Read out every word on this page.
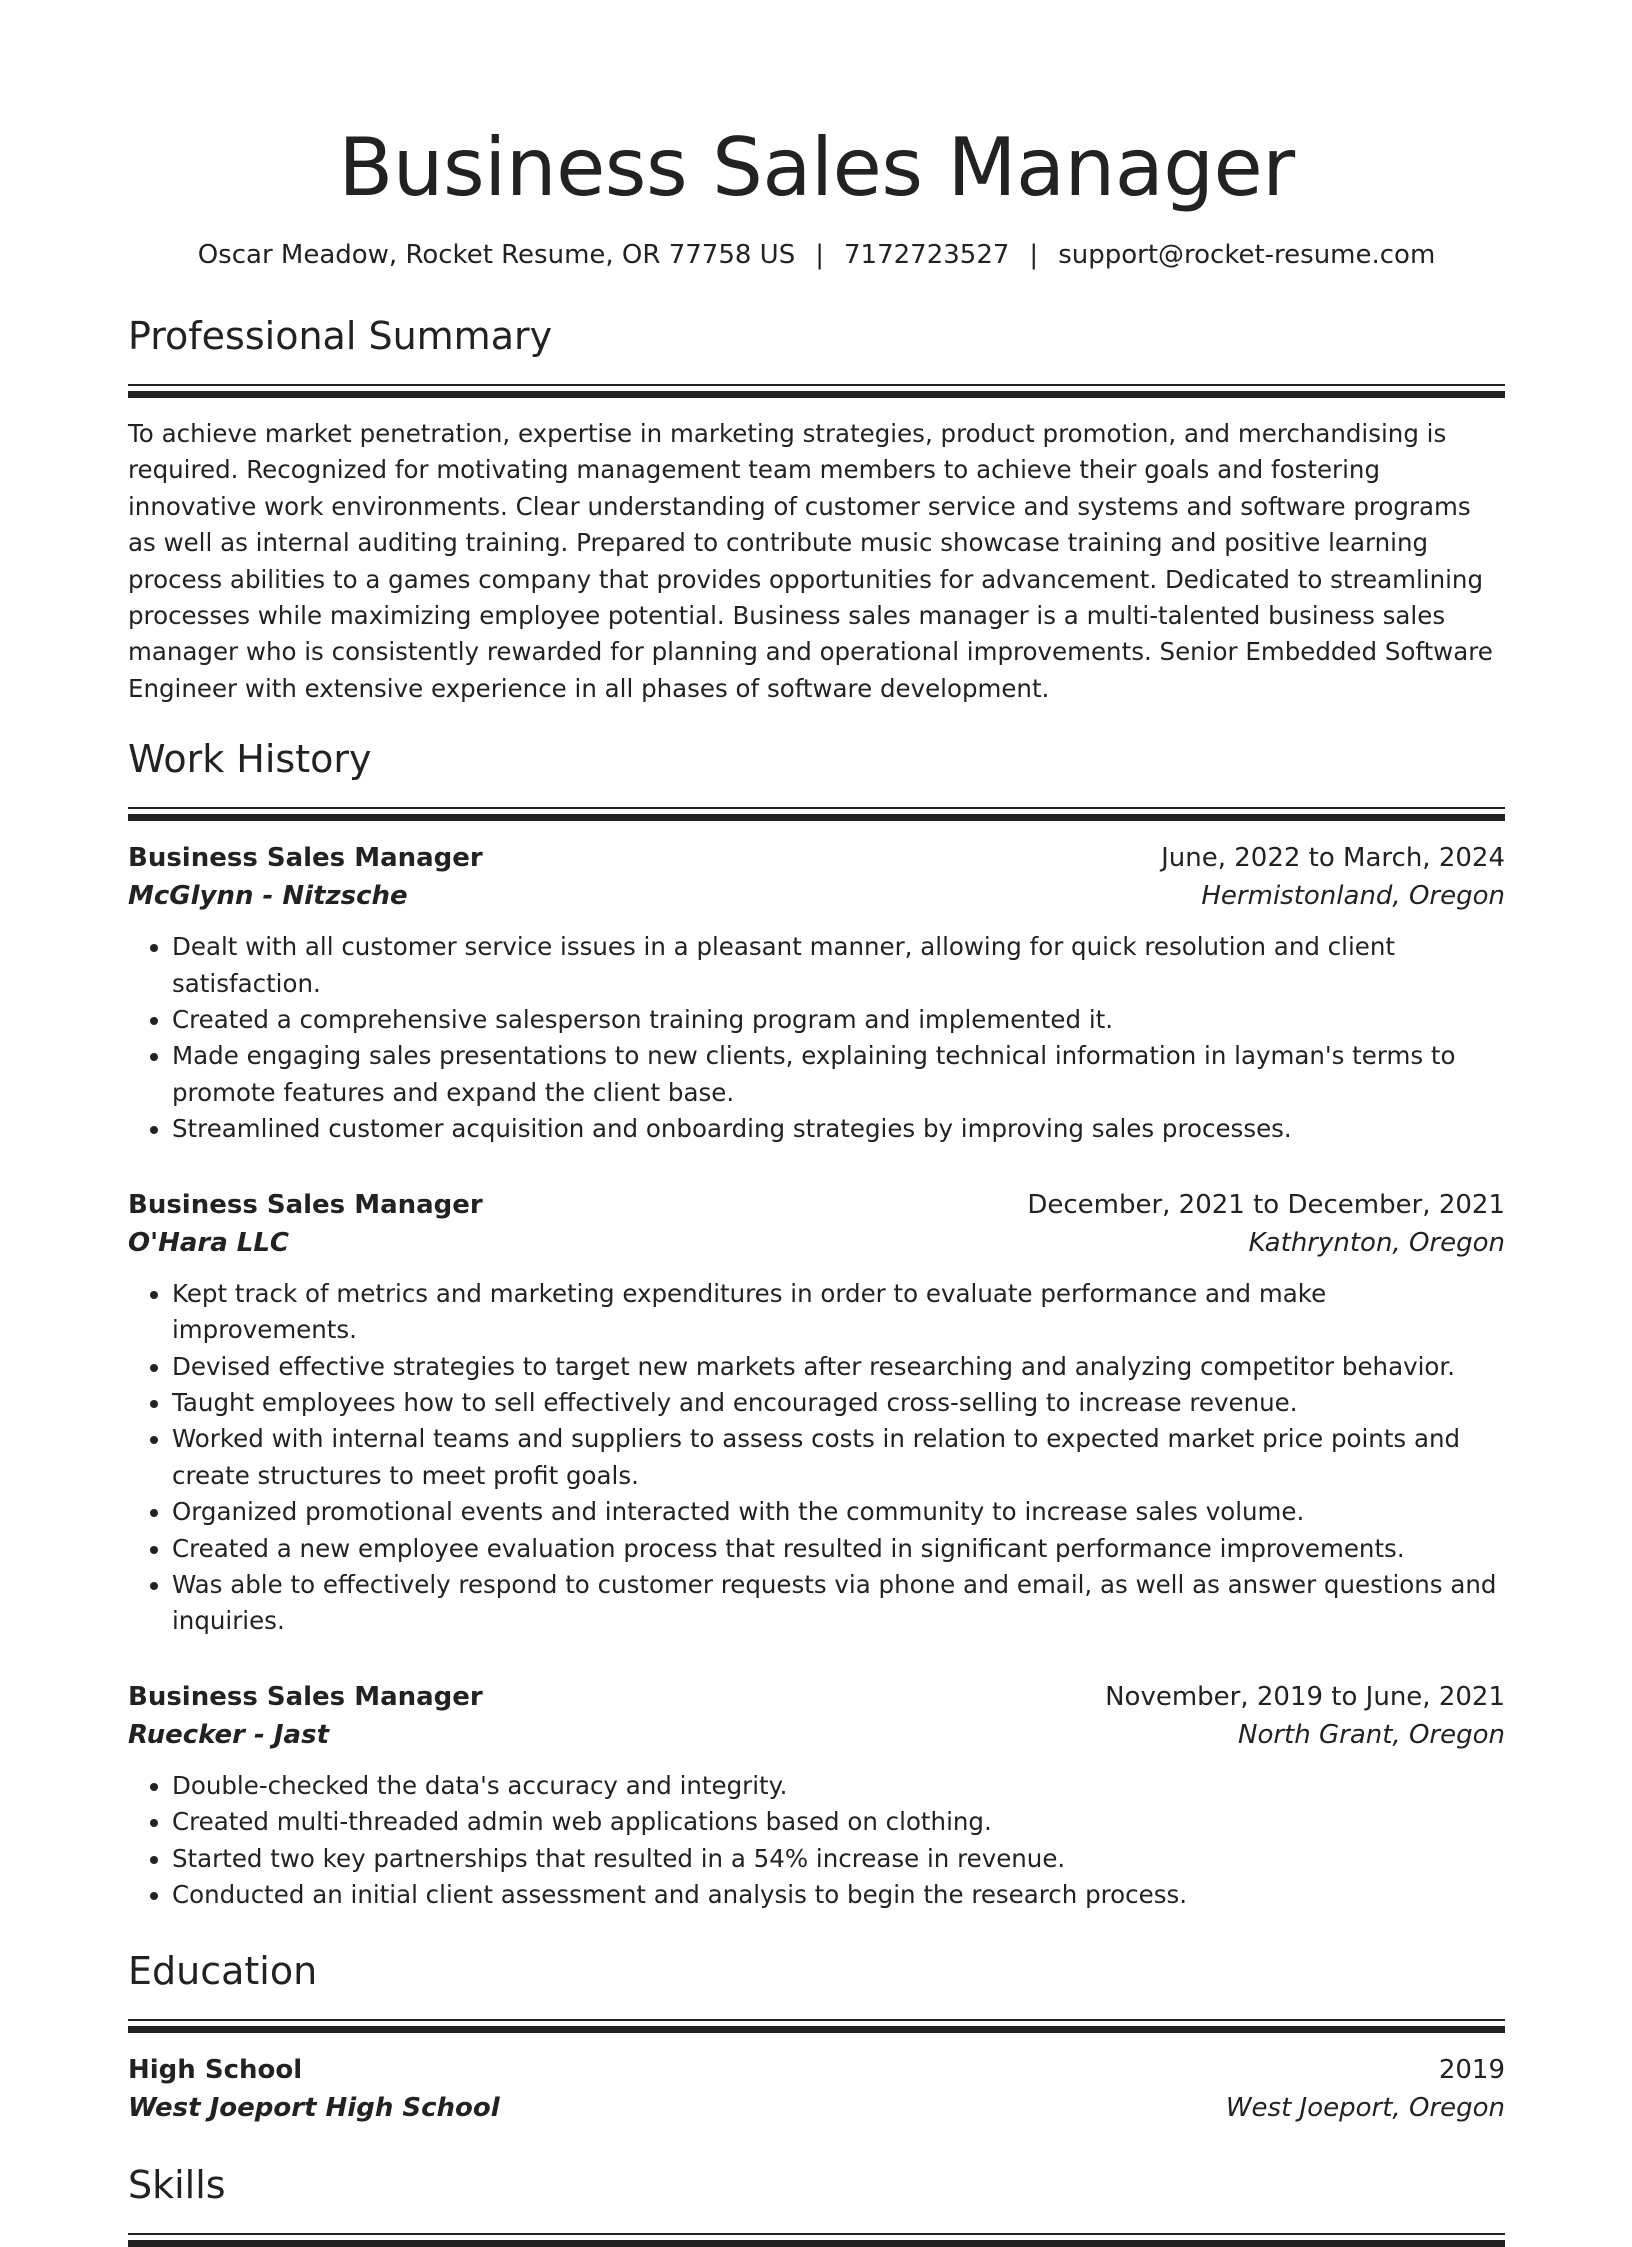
Business Sales Manager
Oscar Meadow, Rocket Resume, OR 77758 US | 7172723527 | support@rocket-resume.com
Professional Summary

To achieve market penetration, expertise in marketing strategies, product promotion, and merchandising is required. Recognized for motivating management team members to achieve their goals and fostering innovative work environments. Clear understanding of customer service and systems and software programs as well as internal auditing training. Prepared to contribute music showcase training and positive learning process abilities to a games company that provides opportunities for advancement. Dedicated to streamlining processes while maximizing employee potential. Business sales manager is a multi-talented business sales manager who is consistently rewarded for planning and operational improvements. Senior Embedded Software Engineer with extensive experience in all phases of software development.

Work History
Business Sales Manager	June, 2022 to March, 2024
McGlynn - Nitzsche	Hermistonland, Oregon
• Dealt with all customer service issues in a pleasant manner, allowing for quick resolution and client satisfaction.
• Created a comprehensive salesperson training program and implemented it.
• Made engaging sales presentations to new clients, explaining technical information in layman's terms to promote features and expand the client base.
• Streamlined customer acquisition and onboarding strategies by improving sales processes.
Business Sales Manager	December, 2021 to December, 2021
O'Hara LLC	Kathrynton, Oregon
• Kept track of metrics and marketing expenditures in order to evaluate performance and make improvements.
• Devised effective strategies to target new markets after researching and analyzing competitor behavior.
• Taught employees how to sell effectively and encouraged cross-selling to increase revenue.
• Worked with internal teams and suppliers to assess costs in relation to expected market price points and create structures to meet profit goals.
• Organized promotional events and interacted with the community to increase sales volume.
• Created a new employee evaluation process that resulted in significant performance improvements.
• Was able to effectively respond to customer requests via phone and email, as well as answer questions and inquiries.
Business Sales Manager	November, 2019 to June, 2021
Ruecker - Jast	North Grant, Oregon
• Double-checked the data's accuracy and integrity.
• Created multi-threaded admin web applications based on clothing.
• Started two key partnerships that resulted in a 54% increase in revenue.
• Conducted an initial client assessment and analysis to begin the research process.
Education
High School	2019
West Joeport High School	West Joeport, Oregon
Skills
